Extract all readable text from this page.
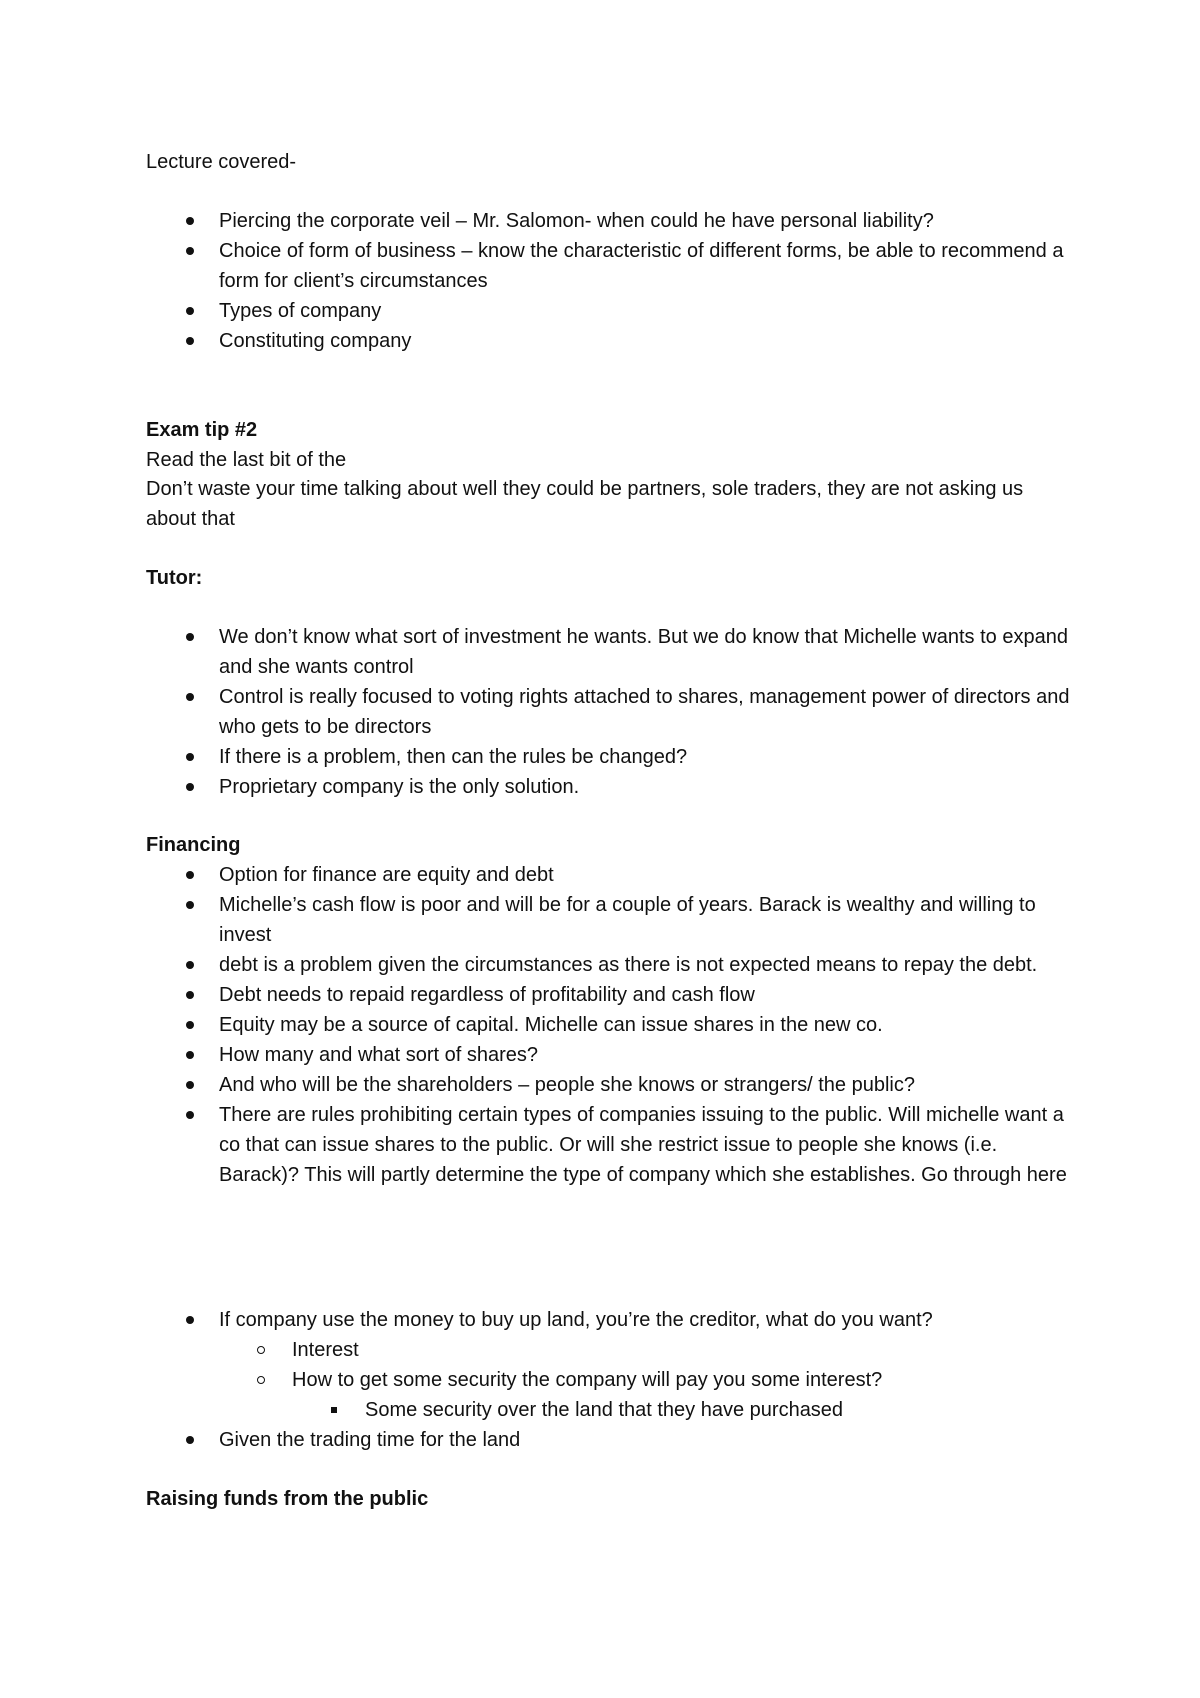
Lecture covered-
Piercing the corporate veil – Mr. Salomon- when could he have personal liability?
Choice of form of business – know the characteristic of different forms, be able to recommend a form for client’s circumstances
Types of company
Constituting company
Exam tip #2
Read the last bit of the
Don’t waste your time talking about well they could be partners, sole traders, they are not asking us about that
Tutor:
We don’t know what sort of investment he wants. But we do know that Michelle wants to expand and she wants control
Control is really focused to voting rights attached to shares, management power of directors and who gets to be directors
If there is a problem, then can the rules be changed?
Proprietary company is the only solution.
Financing
Option for finance are equity and debt
Michelle’s cash flow is poor and will be for a couple of years. Barack is wealthy and willing to invest
debt is a problem given the circumstances as there is not expected means to repay the debt.
Debt needs to repaid regardless of profitability and cash flow
Equity may be a source of capital. Michelle can issue shares in the new co.
How many and what sort of shares?
And who will be the shareholders – people she knows or strangers/ the public?
There are rules prohibiting certain types of companies issuing to the public. Will michelle want a co that can issue shares to the public. Or will she restrict issue to people she knows (i.e. Barack)? This will partly determine the type of company which she establishes. Go through here
If company use the money to buy up land, you’re the creditor, what do you want?
Interest
How to get some security the company will pay you some interest?
Some security over the land that they have purchased
Given the trading time for the land
Raising funds from the public
